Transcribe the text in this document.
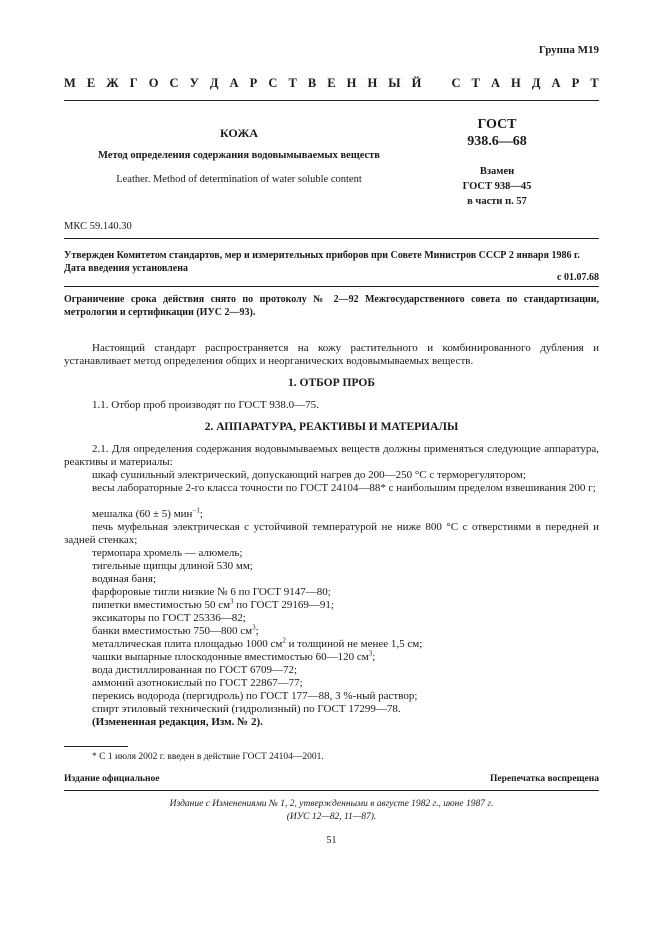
Группа М19
М Е Ж Г О С У Д А Р С Т В Е Н Н Ы Й С Т А Н Д А Р Т
КОЖА
Метод определения содержания водовымываемых веществ
Leather. Method of determination of water soluble content
ГОСТ
938.6—68
Взамен
ГОСТ 938—45
в части п. 57
МКС 59.140.30
Утвержден Комитетом стандартов, мер и измерительных приборов при Совете Министров СССР 2 января 1986 г.
Дата введения установлена
с 01.07.68
Ограничение срока действия снято по протоколу № 2—92 Межгосударственного совета по стандартизации, метрологии и сертификации (ИУС 2—93).
Настоящий стандарт распространяется на кожу растительного и комбинированного дубления и устанавливает метод определения общих и неорганических водовымываемых веществ.
1. ОТБОР ПРОБ
1.1. Отбор проб производят по ГОСТ 938.0—75.
2. АППАРАТУРА, РЕАКТИВЫ И МАТЕРИАЛЫ
2.1. Для определения содержания водовымываемых веществ должны применяться следующие аппаратура, реактивы и материалы:
шкаф сушильный электрический, допускающий нагрев до 200—250 °С с терморегулятором;
весы лабораторные 2-го класса точности по ГОСТ 24104—88* с наибольшим пределом взвешивания 200 г;
мешалка (60 ± 5) мин$^{-1}$;
печь муфельная электрическая с устойчивой температурой не ниже 800 °С с отверстиями в передней и задней стенках;
термопара хромель — алюмель;
тигельные щипцы длиной 530 мм;
водяная баня;
фарфоровые тигли низкие № 6 по ГОСТ 9147—80;
пипетки вместимостью 50 $см^3$ по ГОСТ 29169—91;
эксикаторы по ГОСТ 25336—82;
банки вместимостью 750—800 $см^3$;
металлическая плита площадью 1000 $см^2$ и толщиной не менее 1,5 см;
чашки выпарные плоскодонные вместимостью 60—120 $см^3$;
вода дистиллированная по ГОСТ 6709—72;
аммоний азотнокислый по ГОСТ 22867—77;
перекись водорода (пергидроль) по ГОСТ 177—88, 3 %-ный раствор;
спирт этиловый технический (гидролизный) по ГОСТ 17299—78.
(Измененная редакция, Изм. № 2).
* С 1 июля 2002 г. введен в действие ГОСТ 24104—2001.
Издание официальное	Перепечатка воспрещена
Издание с Изменениями № 1, 2, утвержденными в августе 1982 г., июне 1987 г.
(ИУС 12—82, 11—87).
51
